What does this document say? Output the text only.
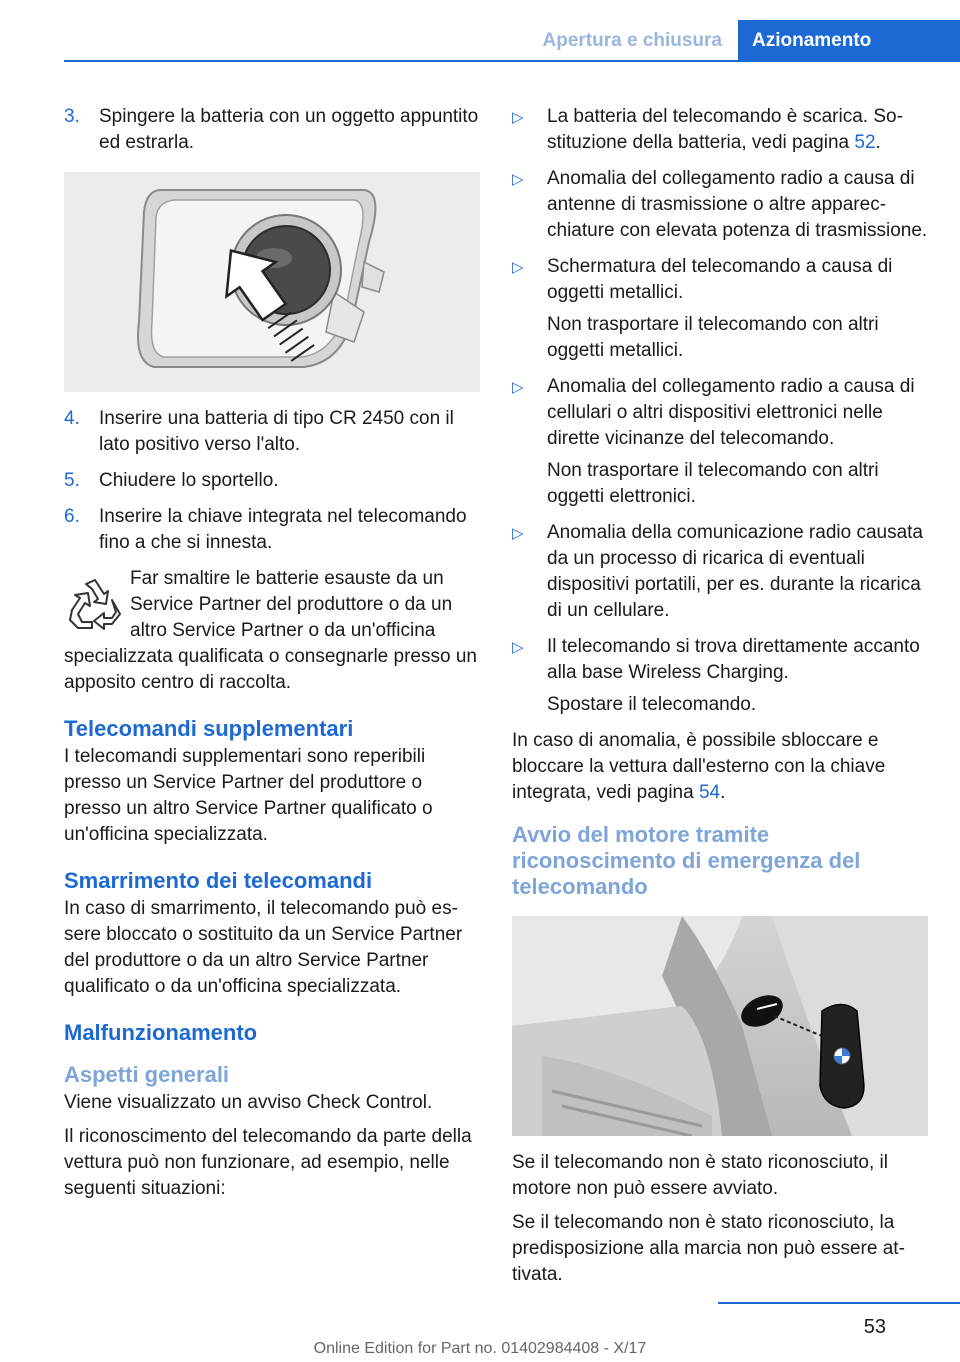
Apertura e chiusura	Azionamento
3.	Spingere la batteria con un oggetto appuntito ed estrarla.
4.	Inserire una batteria di tipo CR 2450 con il lato positivo verso l'alto.
5.	Chiudere lo sportello.
6.	Inserire la chiave integrata nel telecomando fino a che si innesta.
Far smaltire le batterie esauste da un Service Partner del produttore o da un altro Service Partner o da un'officina specializzata qualificata o consegnarle presso un apposito centro di raccolta.
Telecomandi supplementari

I telecomandi supplementari sono reperibili presso un Service Partner del produttore o presso un altro Service Partner qualificato o un'officina specializzata.

Smarrimento dei telecomandi

In caso di smarrimento, il telecomando può essere bloccato o sostituito da un Service Partner del produttore o da un altro Service Partner qualificato o da un'officina specializzata.

Malfunzionamento
Aspetti generali

Viene visualizzato un avviso Check Control.

Il riconoscimento del telecomando da parte della vettura può non funzionare, ad esempio, nelle seguenti situazioni:

▷	La batteria del telecomando è scarica. Sostituzione della batteria, vedi pagina 52.
▷	Anomalia del collegamento radio a causa di antenne di trasmissione o altre apparecchiature con elevata potenza di trasmissione.
▷	Schermatura del telecomando a causa di oggetti metallici.

Non trasportare il telecomando con altri oggetti metallici.

▷	Anomalia del collegamento radio a causa di cellulari o altri dispositivi elettronici nelle dirette vicinanze del telecomando.

Non trasportare il telecomando con altri oggetti elettronici.

▷	Anomalia della comunicazione radio causata da un processo di ricarica di eventuali dispositivi portatili, per es. durante la ricarica di un cellulare.
▷	Il telecomando si trova direttamente accanto alla base Wireless Charging.

Spostare il telecomando.

In caso di anomalia, è possibile sbloccare e bloccare la vettura dall'esterno con la chiave integrata, vedi pagina 54.

Avvio del motore tramite riconoscimento di emergenza del telecomando

Se il telecomando non è stato riconosciuto, il motore non può essere avviato.

Se il telecomando non è stato riconosciuto, la predisposizione alla marcia non può essere attivata.

53
Online Edition for Part no. 01402984408 - X/17
